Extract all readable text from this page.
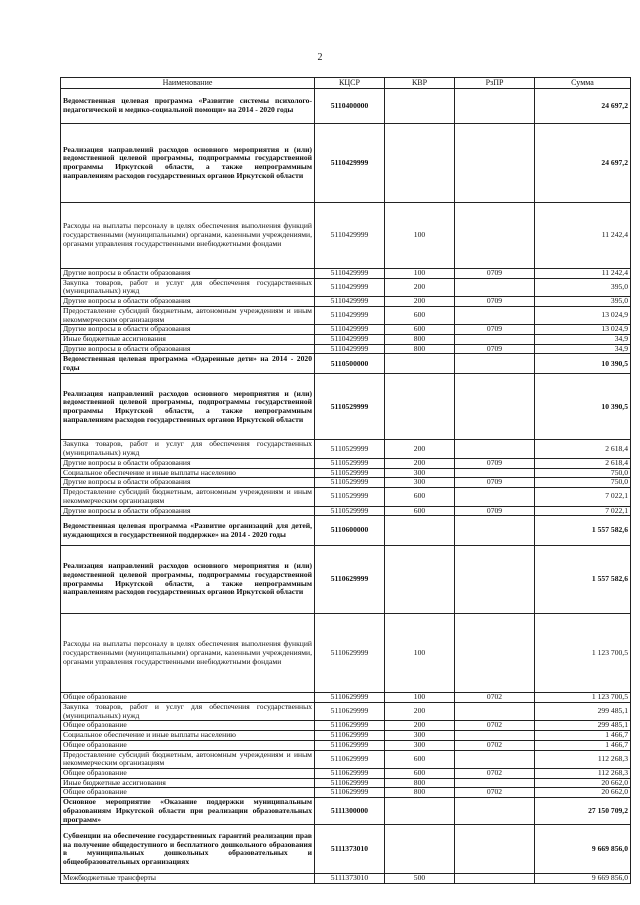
2
Наименование	КЦСР	КВР	РзПР	Сумма
Ведомственная целевая программа «Развитие системы психолого-педагогической и медико-социальной помощи» на 2014 - 2020 годы	5110400000			24 697,2
Реализация направлений расходов основного мероприятия и (или) ведомственной целевой программы, подпрограммы государственной программы Иркутской области, а также непрограммным направлениям расходов государственных органов Иркутской области	5110429999			24 697,2
Расходы на выплаты персоналу в целях обеспечения выполнения функций государственными (муниципальными) органами, казенными учреждениями, органами управления государственными внебюджетными фондами	5110429999	100		11 242,4
Другие вопросы в области образования	5110429999	100	0709	11 242,4
Закупка товаров, работ и услуг для обеспечения государственных (муниципальных) нужд	5110429999	200		395,0
Другие вопросы в области образования	5110429999	200	0709	395,0
Предоставление субсидий бюджетным, автономным учреждениям и иным некоммерческим организациям	5110429999	600		13 024,9
Другие вопросы в области образования	5110429999	600	0709	13 024,9
Иные бюджетные ассигнования	5110429999	800		34,9
Другие вопросы в области образования	5110429999	800	0709	34,9
Ведомственная целевая программа «Одаренные дети» на 2014 - 2020 годы	5110500000			10 390,5
Реализация направлений расходов основного мероприятия и (или) ведомственной целевой программы, подпрограммы государственной программы Иркутской области, а также непрограммным направлениям расходов государственных органов Иркутской области	5110529999			10 390,5
Закупка товаров, работ и услуг для обеспечения государственных (муниципальных) нужд	5110529999	200		2 618,4
Другие вопросы в области образования	5110529999	200	0709	2 618,4
Социальное обеспечение и иные выплаты населению	5110529999	300		750,0
Другие вопросы в области образования	5110529999	300	0709	750,0
Предоставление субсидий бюджетным, автономным учреждениям и иным некоммерческим организациям	5110529999	600		7 022,1
Другие вопросы в области образования	5110529999	600	0709	7 022,1
Ведомственная целевая программа «Развитие организаций для детей, нуждающихся в государственной поддержке» на 2014 - 2020 годы	5110600000			1 557 582,6
Реализация направлений расходов основного мероприятия и (или) ведомственной целевой программы, подпрограммы государственной программы Иркутской области, а также непрограммным направлениям расходов государственных органов Иркутской области	5110629999			1 557 582,6
Расходы на выплаты персоналу в целях обеспечения выполнения функций государственными (муниципальными) органами, казенными учреждениями, органами управления государственными внебюджетными фондами	5110629999	100		1 123 700,5
Общее образование	5110629999	100	0702	1 123 700,5
Закупка товаров, работ и услуг для обеспечения государственных (муниципальных) нужд	5110629999	200		299 485,1
Общее образование	5110629999	200	0702	299 485,1
Социальное обеспечение и иные выплаты населению	5110629999	300		1 466,7
Общее образование	5110629999	300	0702	1 466,7
Предоставление субсидий бюджетным, автономным учреждениям и иным некоммерческим организациям	5110629999	600		112 268,3
Общее образование	5110629999	600	0702	112 268,3
Иные бюджетные ассигнования	5110629999	800		20 662,0
Общее образование	5110629999	800	0702	20 662,0
Основное мероприятие «Оказание поддержки муниципальным образованиям Иркутской области при реализации образовательных программ»	5111300000			27 150 709,2
Субвенции на обеспечение государственных гарантий реализации прав на получение общедоступного и бесплатного дошкольного образования в муниципальных дошкольных образовательных и общеобразовательных организациях	5111373010			9 669 856,0
Межбюджетные трансферты	5111373010	500		9 669 856,0
